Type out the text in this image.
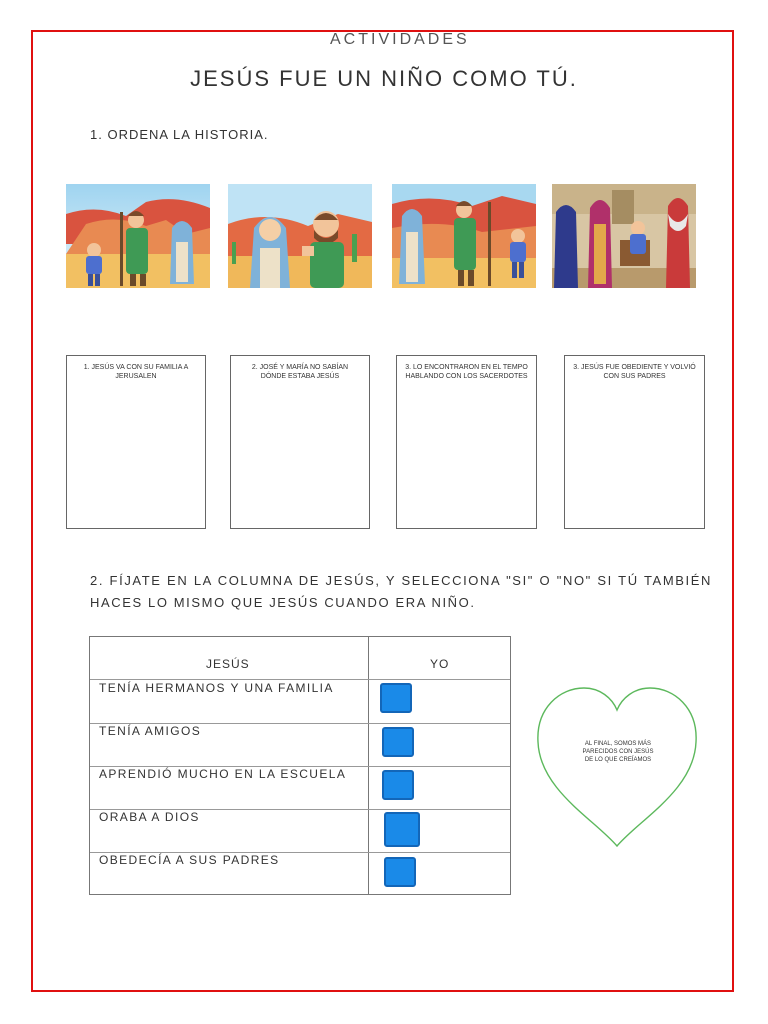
ACTIVIDADES
JESÚS FUE UN NIÑO COMO TÚ.
1. ORDENA LA HISTORIA.
1. JESÚS VA CON SU FAMILIA A JERUSALEN
2. JOSÉ Y MARÍA NO SABÍAN DÓNDE ESTABA JESÚS
3. LO ENCONTRARON EN EL TEMPO HABLANDO CON LOS SACERDOTES
3. JESÚS FUE OBEDIENTE Y VOLVIÓ CON SUS PADRES
2. FÍJATE EN LA COLUMNA DE JESÚS, Y SELECCIONA "SI" O "NO" SI TÚ TAMBIÉN HACES LO MISMO QUE JESÚS CUANDO ERA NIÑO.
JESÚS	YO
TENÍA HERMANOS Y UNA FAMILIA
TENÍA AMIGOS
APRENDIÓ MUCHO EN LA ESCUELA
ORABA A DIOS
OBEDECÍA A SUS PADRES
AL FINAL, SOMOS MÁS PARECIDOS CON JESÚS DE LO QUE CREÍAMOS
